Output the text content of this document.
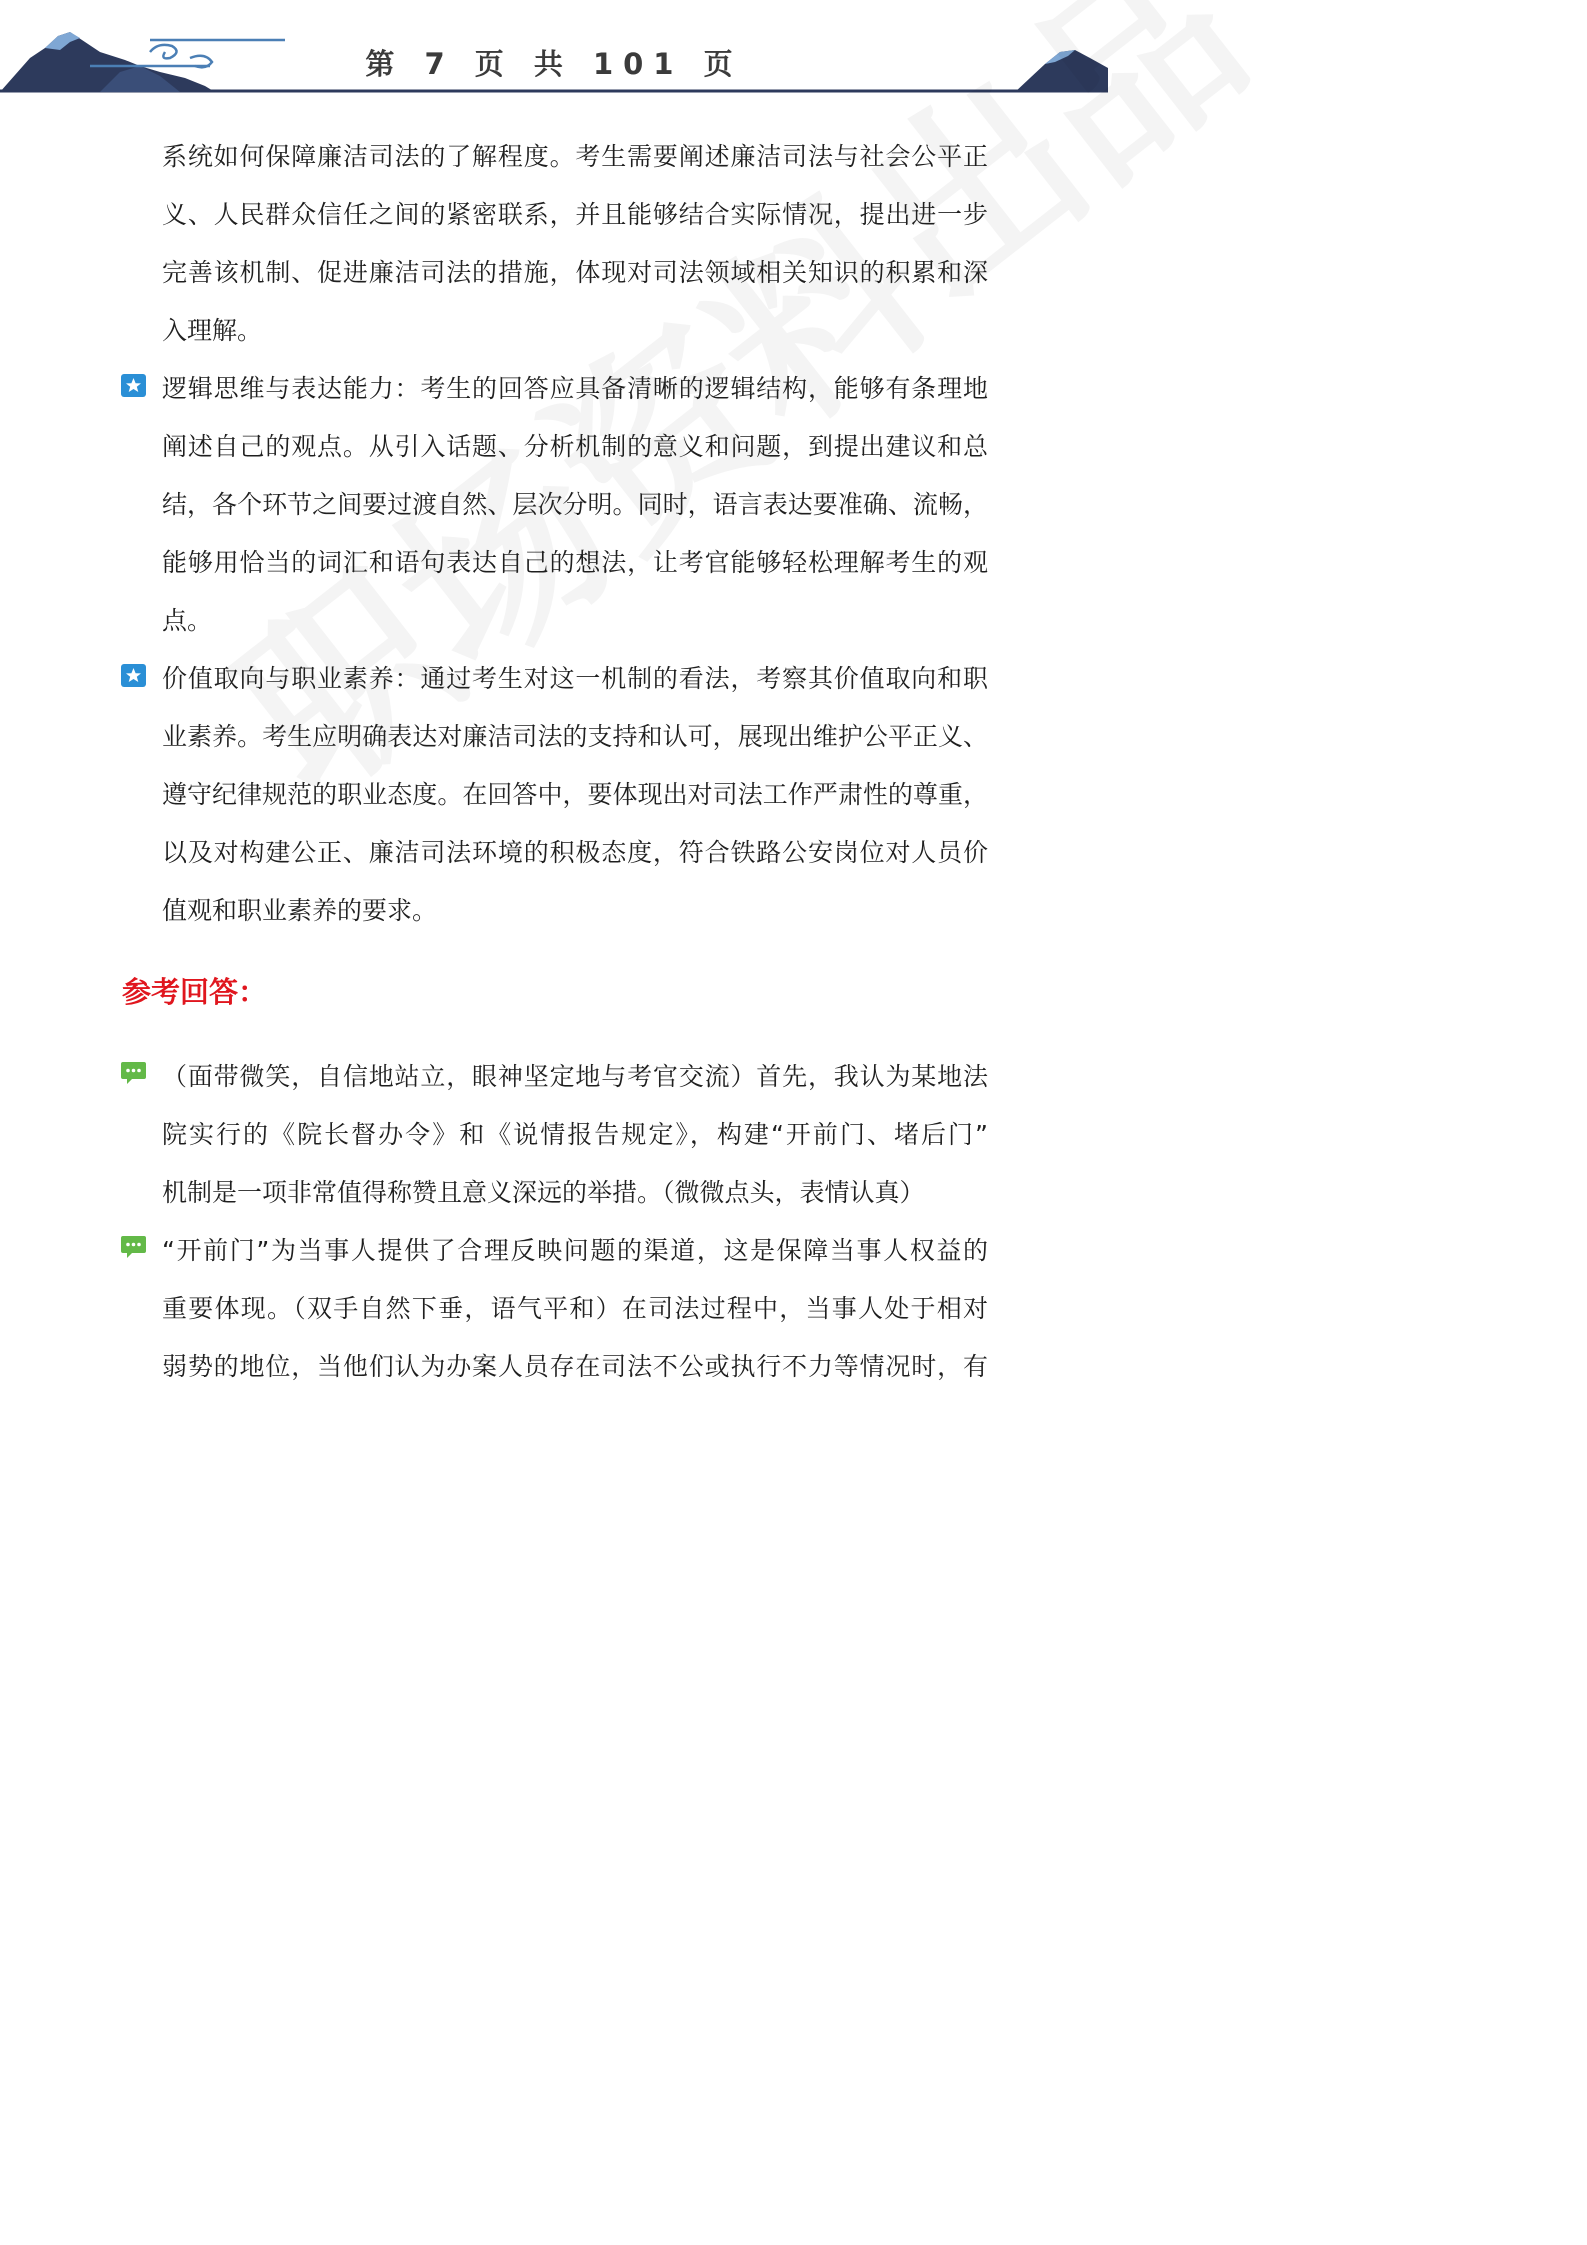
第 7 页 共 101 页
系统如何保障廉洁司法的了解程度。考生需要阐述廉洁司法与社会公平正
义、人民群众信任之间的紧密联系，并且能够结合实际情况，提出进一步
完善该机制、促进廉洁司法的措施，体现对司法领域相关知识的积累和深
入理解。
逻辑思维与表达能力：考生的回答应具备清晰的逻辑结构，能够有条理地
阐述自己的观点。从引入话题、分析机制的意义和问题，到提出建议和总
结，各个环节之间要过渡自然、层次分明。同时，语言表达要准确、流畅，
能够用恰当的词汇和语句表达自己的想法，让考官能够轻松理解考生的观
点。
价值取向与职业素养：通过考生对这一机制的看法，考察其价值取向和职
业素养。考生应明确表达对廉洁司法的支持和认可，展现出维护公平正义、
遵守纪律规范的职业态度。在回答中，要体现出对司法工作严肃性的尊重，
以及对构建公正、廉洁司法环境的积极态度，符合铁路公安岗位对人员价
值观和职业素养的要求。
参考回答：
（面带微笑，自信地站立，眼神坚定地与考官交流）首先，我认为某地法
院实行的《院长督办令》和《说情报告规定》，构建“开前门、堵后门”
机制是一项非常值得称赞且意义深远的举措。（微微点头，表情认真）
“开前门”为当事人提供了合理反映问题的渠道，这是保障当事人权益的
重要体现。（双手自然下垂，语气平和）在司法过程中，当事人处于相对
弱势的地位，当他们认为办案人员存在司法不公或执行不力等情况时，有
